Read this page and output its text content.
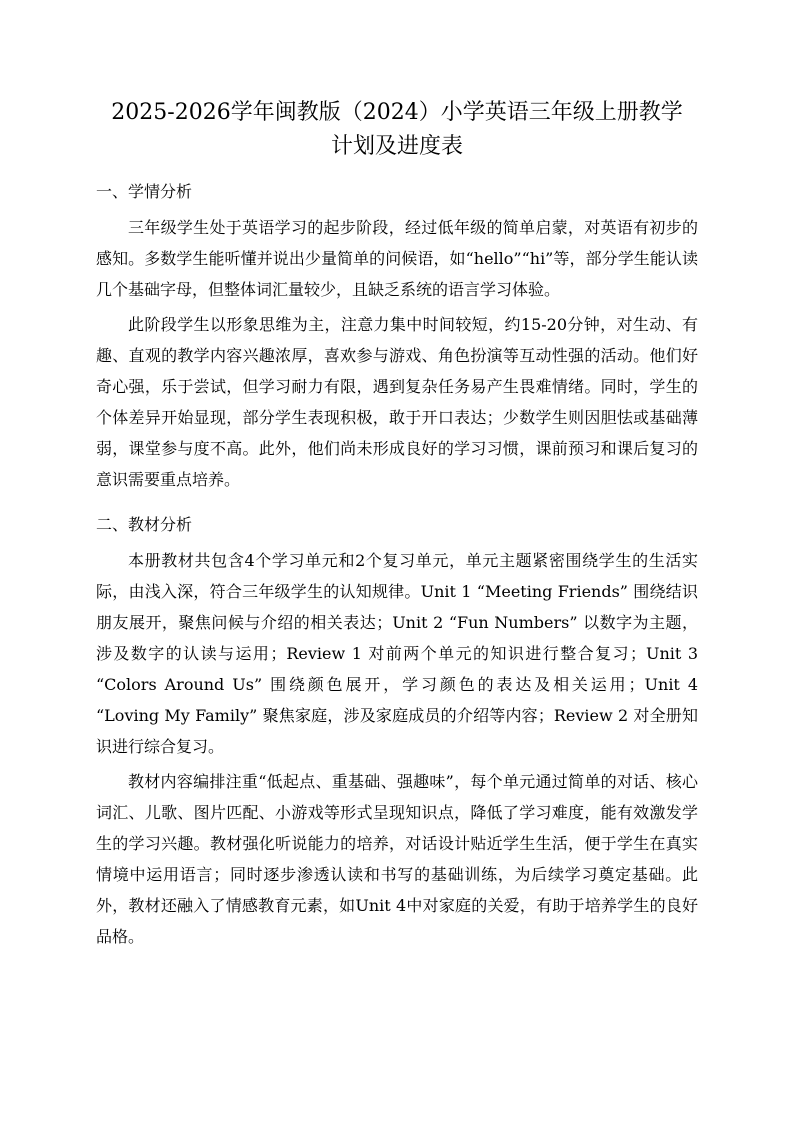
2025-2026学年闽教版（2024）小学英语三年级上册教学
计划及进度表
一、学情分析

三年级学生处于英语学习的起步阶段，经过低年级的简单启蒙，对英语有初步的感知。多数学生能听懂并说出少量简单的问候语，如“hello”“hi”等，部分学生能认读几个基础字母，但整体词汇量较少，且缺乏系统的语言学习体验。

此阶段学生以形象思维为主，注意力集中时间较短，约15-20分钟，对生动、有趣、直观的教学内容兴趣浓厚，喜欢参与游戏、角色扮演等互动性强的活动。他们好奇心强，乐于尝试，但学习耐力有限，遇到复杂任务易产生畏难情绪。同时，学生的个体差异开始显现，部分学生表现积极，敢于开口表达；少数学生则因胆怯或基础薄弱，课堂参与度不高。此外，他们尚未形成良好的学习习惯，课前预习和课后复习的意识需要重点培养。

二、教材分析

本册教材共包含4个学习单元和2个复习单元，单元主题紧密围绕学生的生活实际，由浅入深，符合三年级学生的认知规律。Unit 1 “Meeting Friends” 围绕结识朋友展开，聚焦问候与介绍的相关表达；Unit 2 “Fun Numbers” 以数字为主题，涉及数字的认读与运用；Review 1 对前两个单元的知识进行整合复习；Unit 3 “Colors Around Us” 围绕颜色展开，学习颜色的表达及相关运用；Unit 4 “Loving My Family” 聚焦家庭，涉及家庭成员的介绍等内容；Review 2 对全册知识进行综合复习。

教材内容编排注重“低起点、重基础、强趣味”，每个单元通过简单的对话、核心词汇、儿歌、图片匹配、小游戏等形式呈现知识点，降低了学习难度，能有效激发学生的学习兴趣。教材强化听说能力的培养，对话设计贴近学生生活，便于学生在真实情境中运用语言；同时逐步渗透认读和书写的基础训练，为后续学习奠定基础。此外，教材还融入了情感教育元素，如Unit 4中对家庭的关爱，有助于培养学生的良好品格。
